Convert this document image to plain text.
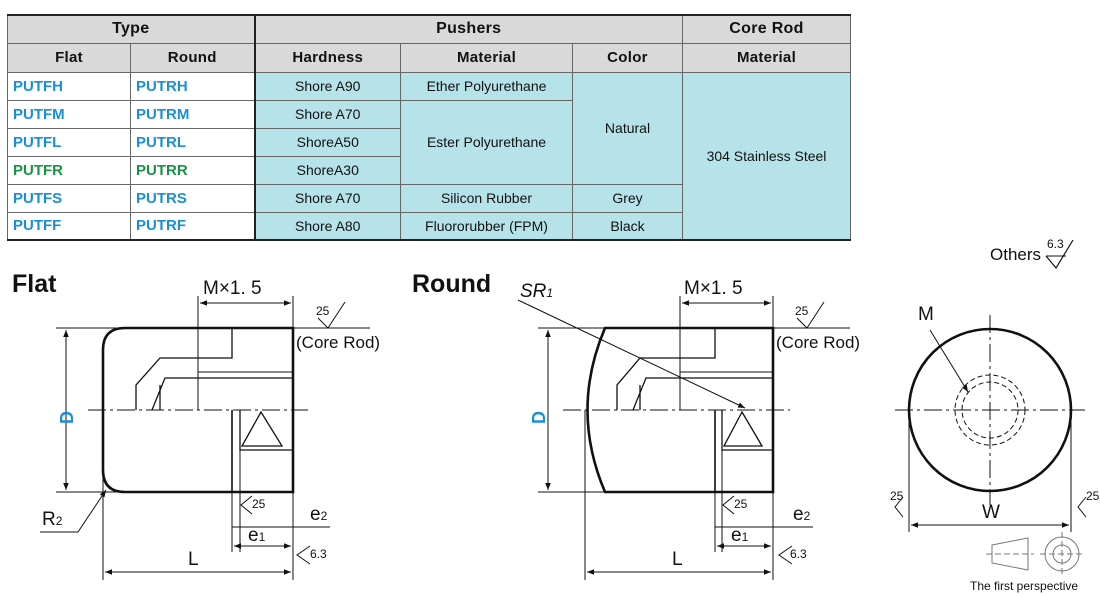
Type		Pushers			Core Rod
Flat	Round	Hardness	Material	Color	Material
PUTFH	PUTRH	Shore A90	Ether Polyurethane	Natural	304 Stainless Steel
PUTFM	PUTRM	Shore A70	Ester Polyurethane		
PUTFL	PUTRL	ShoreA50			
PUTFR	PUTRR	ShoreA30			
PUTFS	PUTRS	Shore A70	Silicon Rubber	Grey	
PUTFF	PUTRF	Shore A80	Fluororubber (FPM)	Black	
Flat	M×1. 5
(Core Rod)
25
D
R2
25 e2
e1
6.3
L
Round SR1	M×1. 5
(Core Rod)
25
D
25 e2
e1
6.3
L
Others
6.3
M
W
25	25
The first perspective
